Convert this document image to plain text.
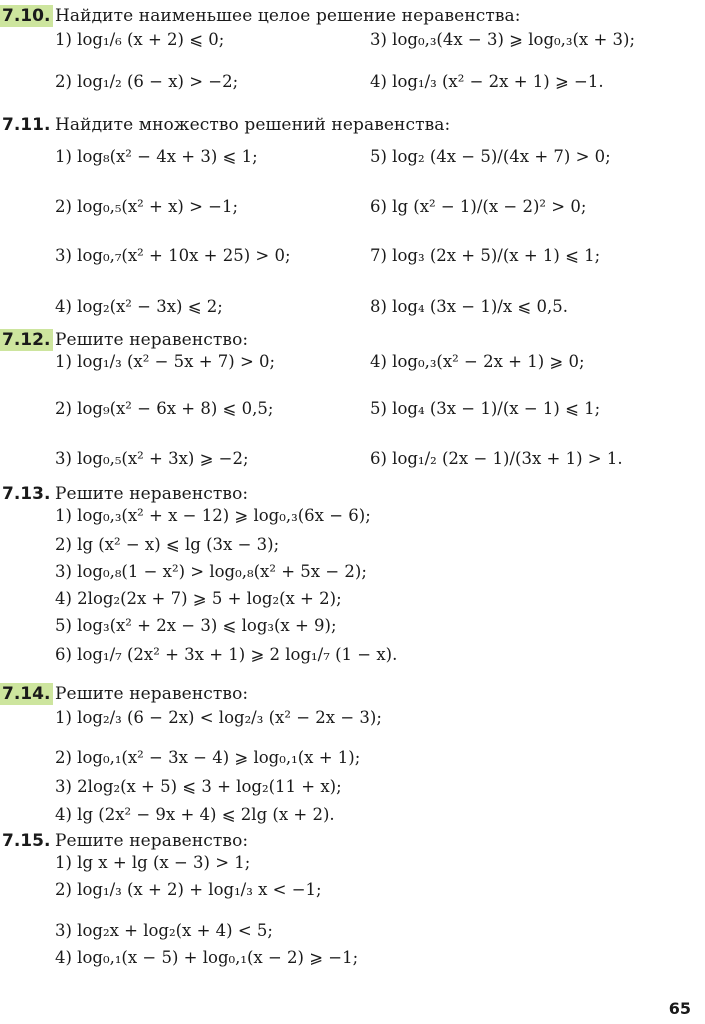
7.10. Найдите наименьшее целое решение неравенства:
1) log₁/₆ (x + 2) ⩽ 0;	3) log₀,₃(4x − 3) ⩾ log₀,₃(x + 3);
2) log₁/₂ (6 − x) > −2;	4) log₁/₃ (x² − 2x + 1) ⩾ −1.
7.11. Найдите множество решений неравенства:
1) log₈(x² − 4x + 3) ⩽ 1;	5) log₂ (4x − 5)/(4x + 7) > 0;
2) log₀,₅(x² + x) > −1;	6) lg (x² − 1)/(x − 2)² > 0;
3) log₀,₇(x² + 10x + 25) > 0;	7) log₃ (2x + 5)/(x + 1) ⩽ 1;
4) log₂(x² − 3x) ⩽ 2;	8) log₄ (3x − 1)/x ⩽ 0,5.
7.12. Решите неравенство:
1) log₁/₃ (x² − 5x + 7) > 0;	4) log₀,₃(x² − 2x + 1) ⩾ 0;
2) log₉(x² − 6x + 8) ⩽ 0,5;	5) log₄ (3x − 1)/(x − 1) ⩽ 1;
3) log₀,₅(x² + 3x) ⩾ −2;	6) log₁/₂ (2x − 1)/(3x + 1) > 1.
7.13. Решите неравенство:
1) log₀,₃(x² + x − 12) ⩾ log₀,₃(6x − 6);
2) lg (x² − x) ⩽ lg (3x − 3);
3) log₀,₈(1 − x²) > log₀,₈(x² + 5x − 2);
4) 2log₂(2x + 7) ⩾ 5 + log₂(x + 2);
5) log₃(x² + 2x − 3) ⩽ log₃(x + 9);
6) log₁/₇ (2x² + 3x + 1) ⩾ 2 log₁/₇ (1 − x).
7.14. Решите неравенство:
1) log₂/₃ (6 − 2x) < log₂/₃ (x² − 2x − 3);
2) log₀,₁(x² − 3x − 4) ⩾ log₀,₁(x + 1);
3) 2log₂(x + 5) ⩽ 3 + log₂(11 + x);
4) lg (2x² − 9x + 4) ⩽ 2lg (x + 2).
7.15. Решите неравенство:
1) lg x + lg (x − 3) > 1;
2) log₁/₃ (x + 2) + log₁/₃ x < −1;
3) log₂x + log₂(x + 4) < 5;
4) log₀,₁(x − 5) + log₀,₁(x − 2) ⩾ −1;
65
